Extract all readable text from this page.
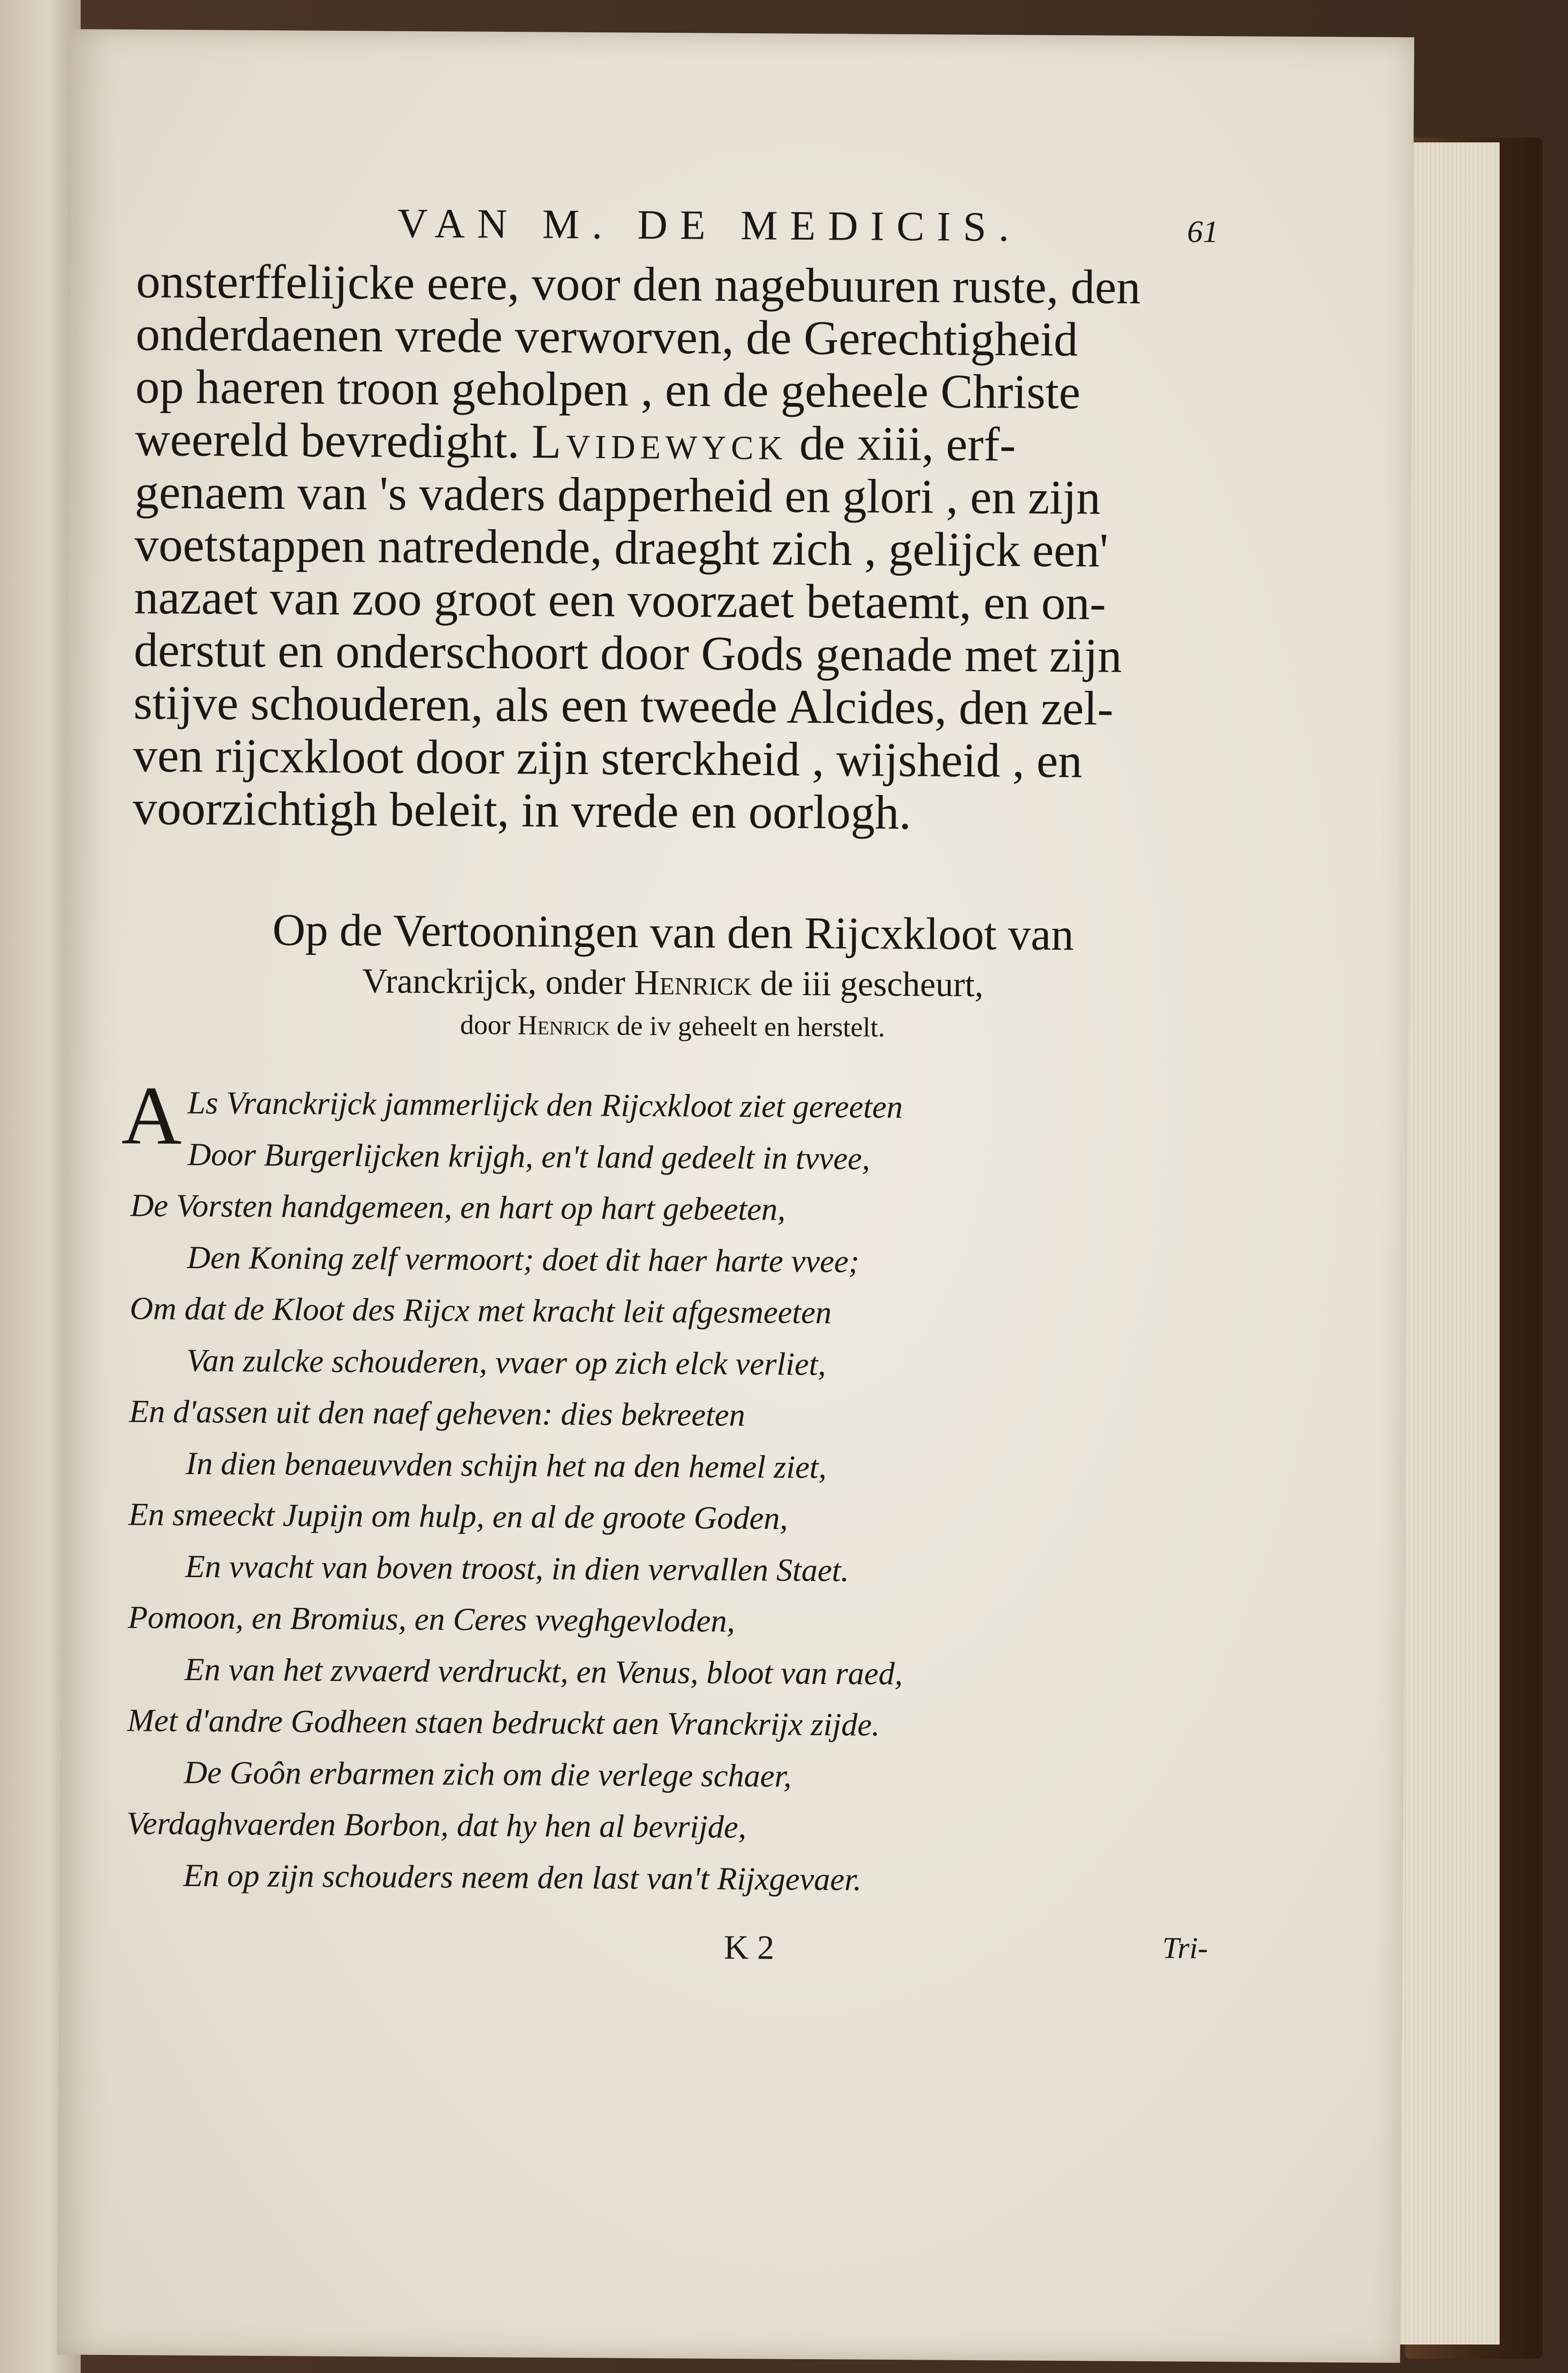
VAN M. DE MEDICIS.	61

onsterffelijcke eere, voor den nagebuuren ruste, den
onderdaenen vrede verworven, de Gerechtigheid
op haeren troon geholpen , en de geheele Christe
weereld bevredight. Lvidewyck de xiii, erf-
genaem van 's vaders dapperheid en glori , en zijn
voetstappen natredende, draeght zich , gelijck een'
nazaet van zoo groot een voorzaet betaemt, en on-
derstut en onderschoort door Gods genade met zijn
stijve schouderen, als een tweede Alcides, den zel-
ven rijcxkloot door zijn sterckheid , wijsheid , en
voorzichtigh beleit, in vrede en oorlogh.

Op de Vertooningen van den Rijcxkloot van
Vranckrijck, onder Henrick de iii gescheurt,
door Henrick de iv geheelt en herstelt.
A Ls Vranckrijck jammerlijck den Rijcxkloot ziet gereeten
Door Burgerlijcken krijgh, en't land gedeelt in tvvee,
De Vorsten handgemeen, en hart op hart gebeeten,
Den Koning zelf vermoort; doet dit haer harte vvee;
Om dat de Kloot des Rijcx met kracht leit afgesmeeten
Van zulcke schouderen, vvaer op zich elck verliet,
En d'assen uit den naef geheven: dies bekreeten
In dien benaeuvvden schijn het na den hemel ziet,
En smeeckt Jupijn om hulp, en al de groote Goden,
En vvacht van boven troost, in dien vervallen Staet.
Pomoon, en Bromius, en Ceres vveghgevloden,
En van het zvvaerd verdruckt, en Venus, bloot van raed,
Met d'andre Godheen staen bedruckt aen Vranckrijx zijde.
De Goôn erbarmen zich om die verlege schaer,
Verdaghvaerden Borbon, dat hy hen al bevrijde,
En op zijn schouders neem den last van't Rijxgevaer.
K 2	Tri-
